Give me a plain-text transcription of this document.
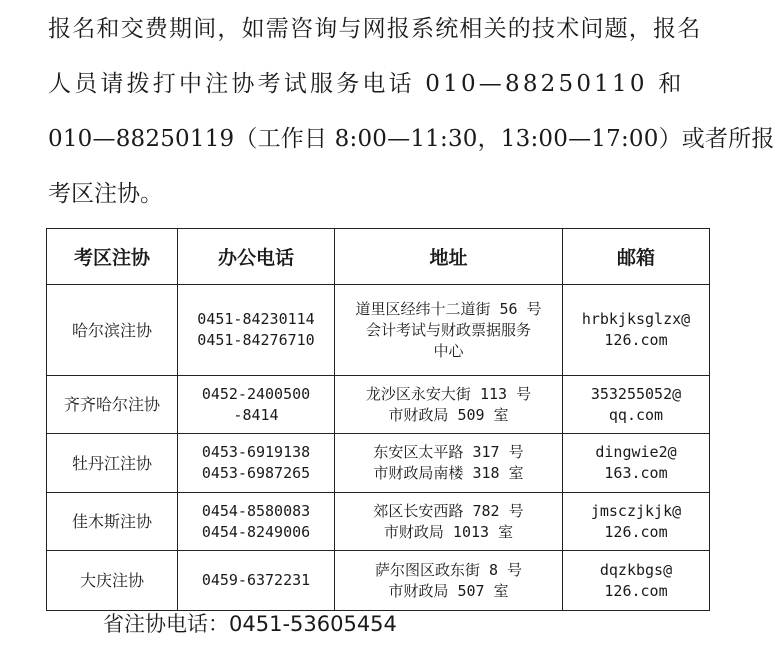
报名和交费期间，如需咨询与网报系统相关的技术问题，报名
人员请拨打中注协考试服务电话 010—88250110 和
010—88250119（工作日 8:00—11:30，13:00—17:00）或者所报
考区注协。
考区注协	办公电话	地址	邮箱
哈尔滨注协	0451-84230114
0451-84276710	道里区经纬十二道街 56 号
会计考试与财政票据服务
中心	hrbkjksglzx@
126.com

齐齐哈尔注协	0452-2400500
-8414	龙沙区永安大街 113 号
市财政局 509 室	353255052@
qq.com

牡丹江注协	0453-6919138
0453-6987265	东安区太平路 317 号
市财政局南楼 318 室	dingwie2@
163.com

佳木斯注协	0454-8580083
0454-8249006	郊区长安西路 782 号
市财政局 1013 室	jmsczjkjk@
126.com

大庆注协	0459-6372231	萨尔图区政东街 8 号
市财政局 507 室	dqzkbgs@
126.com
省注协电话：0451-53605454
